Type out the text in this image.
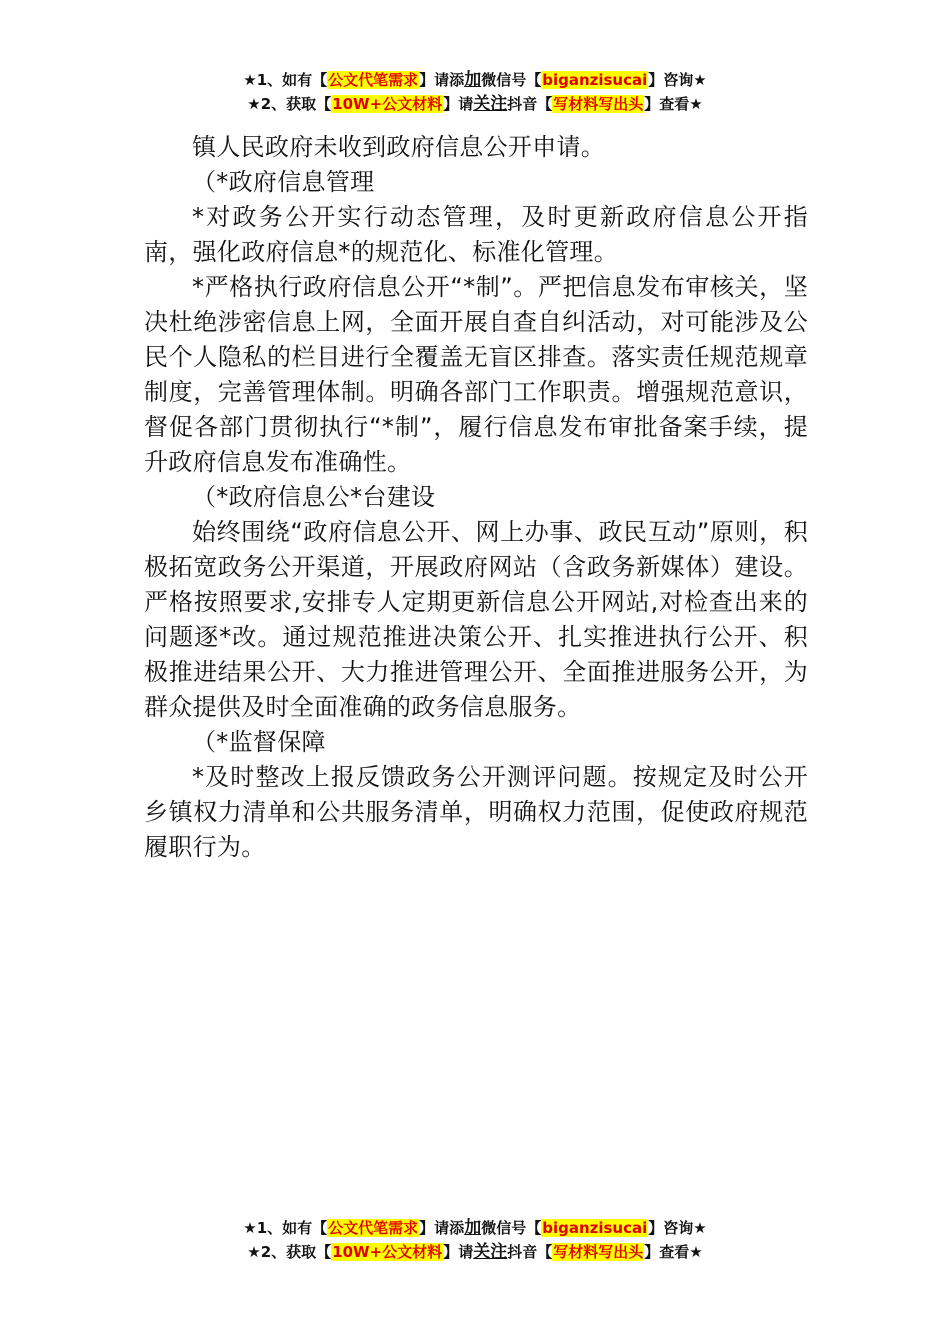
★1、如有【公文代笔需求】请添加微信号【biganzisucai】咨询★
★2、获取【10W+公文材料】请关注抖音【写材料写出头】查看★

镇人民政府未收到政府信息公开申请。

（*政府信息管理

*对政务公开实行动态管理，及时更新政府信息公开指南，强化政府信息*的规范化、标准化管理。

*严格执行政府信息公开“*制”。严把信息发布审核关，坚决杜绝涉密信息上网，全面开展自查自纠活动，对可能涉及公民个人隐私的栏目进行全覆盖无盲区排查。落实责任规范规章制度，完善管理体制。明确各部门工作职责。增强规范意识，督促各部门贯彻执行“*制”，履行信息发布审批备案手续，提升政府信息发布准确性。

（*政府信息公*台建设

始终围绕“政府信息公开、网上办事、政民互动”原则，积极拓宽政务公开渠道，开展政府网站（含政务新媒体）建设。严格按照要求,安排专人定期更新信息公开网站,对检查出来的问题逐*改。通过规范推进决策公开、扎实推进执行公开、积极推进结果公开、大力推进管理公开、全面推进服务公开，为群众提供及时全面准确的政务信息服务。

（*监督保障

*及时整改上报反馈政务公开测评问题。按规定及时公开乡镇权力清单和公共服务清单，明确权力范围，促使政府规范履职行为。

★1、如有【公文代笔需求】请添加微信号【biganzisucai】咨询★
★2、获取【10W+公文材料】请关注抖音【写材料写出头】查看★
